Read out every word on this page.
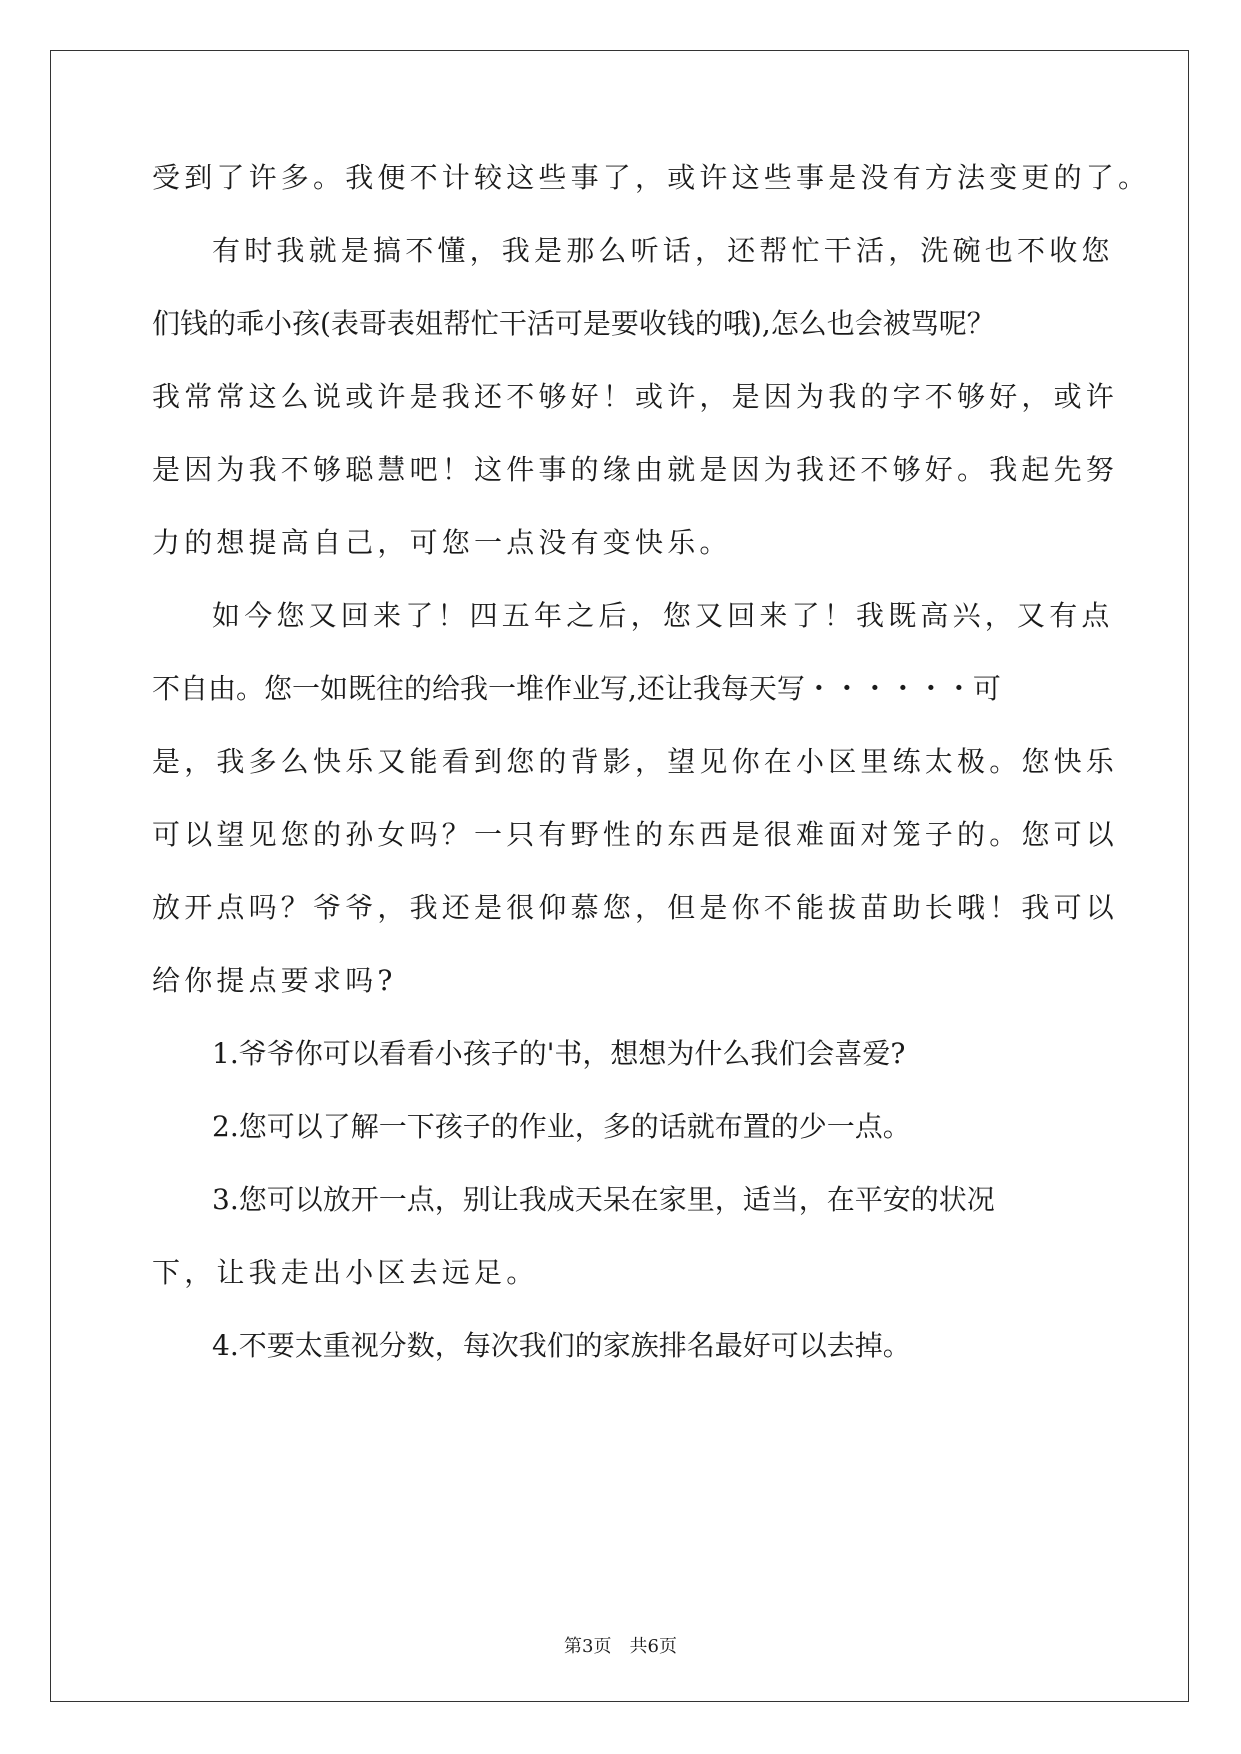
受到了许多。我便不计较这些事了，或许这些事是没有方法变更的了。
有时我就是搞不懂，我是那么听话，还帮忙干活，洗碗也不收您
们钱的乖小孩(表哥表姐帮忙干活可是要收钱的哦),怎么也会被骂呢？
我常常这么说或许是我还不够好！或许，是因为我的字不够好，或许
是因为我不够聪慧吧！这件事的缘由就是因为我还不够好。我起先努
力的想提高自己，可您一点没有变快乐。
如今您又回来了！四五年之后，您又回来了！我既高兴，又有点
不自由。您一如既往的给我一堆作业写,还让我每天写・・・・・・可
是，我多么快乐又能看到您的背影，望见你在小区里练太极。您快乐
可以望见您的孙女吗？一只有野性的东西是很难面对笼子的。您可以
放开点吗？爷爷，我还是很仰慕您，但是你不能拔苗助长哦！我可以
给你提点要求吗?
1.爷爷你可以看看小孩子的'书，想想为什么我们会喜爱?
2.您可以了解一下孩子的作业，多的话就布置的少一点。
3.您可以放开一点，别让我成天呆在家里，适当，在平安的状况
下，让我走出小区去远足。
4.不要太重视分数，每次我们的家族排名最好可以去掉。
第3页 共6页
